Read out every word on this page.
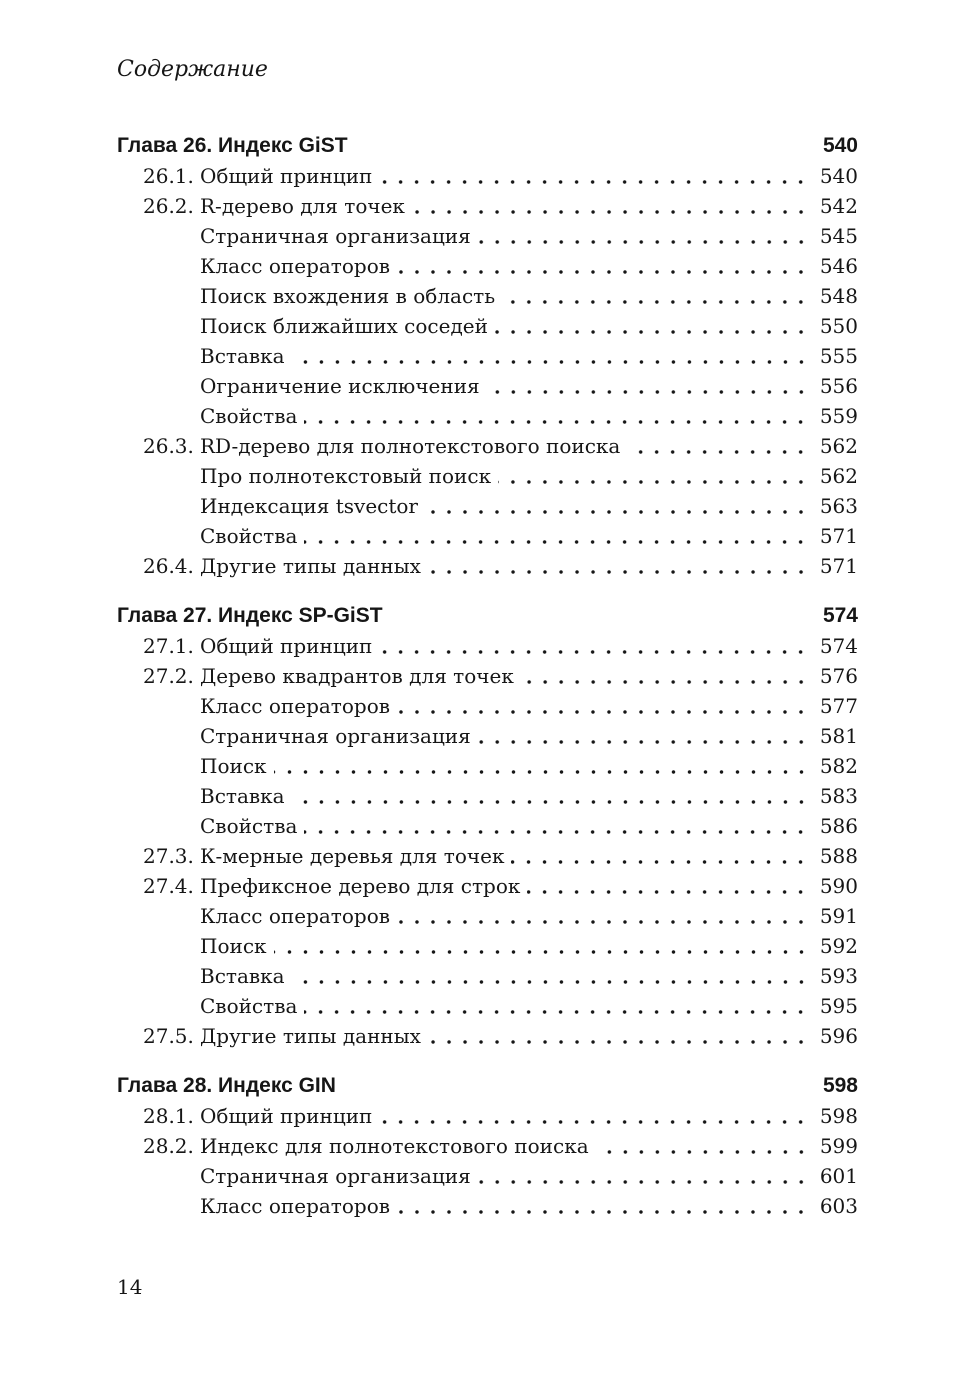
Содержание
Глава 26. Индекс GiST	540
26.1. Общий принцип	540
26.2. R-дерево для точек	542
Страничная организация	545
Класс операторов	546
Поиск вхождения в область	548
Поиск ближайших соседей	550
Вставка	555
Ограничение исключения	556
Свойства	559
26.3. RD-дерево для полнотекстового поиска	562
Про полнотекстовый поиск	562
Индексация tsvector	563
Свойства	571
26.4. Другие типы данных	571
Глава 27. Индекс SP-GiST	574
27.1. Общий принцип	574
27.2. Дерево квадрантов для точек	576
Класс операторов	577
Страничная организация	581
Поиск	582
Вставка	583
Свойства	586
27.3. К-мерные деревья для точек	588
27.4. Префиксное дерево для строк	590
Класс операторов	591
Поиск	592
Вставка	593
Свойства	595
27.5. Другие типы данных	596
Глава 28. Индекс GIN	598
28.1. Общий принцип	598
28.2. Индекс для полнотекстового поиска	599
Страничная организация	601
Класс операторов	603
14
